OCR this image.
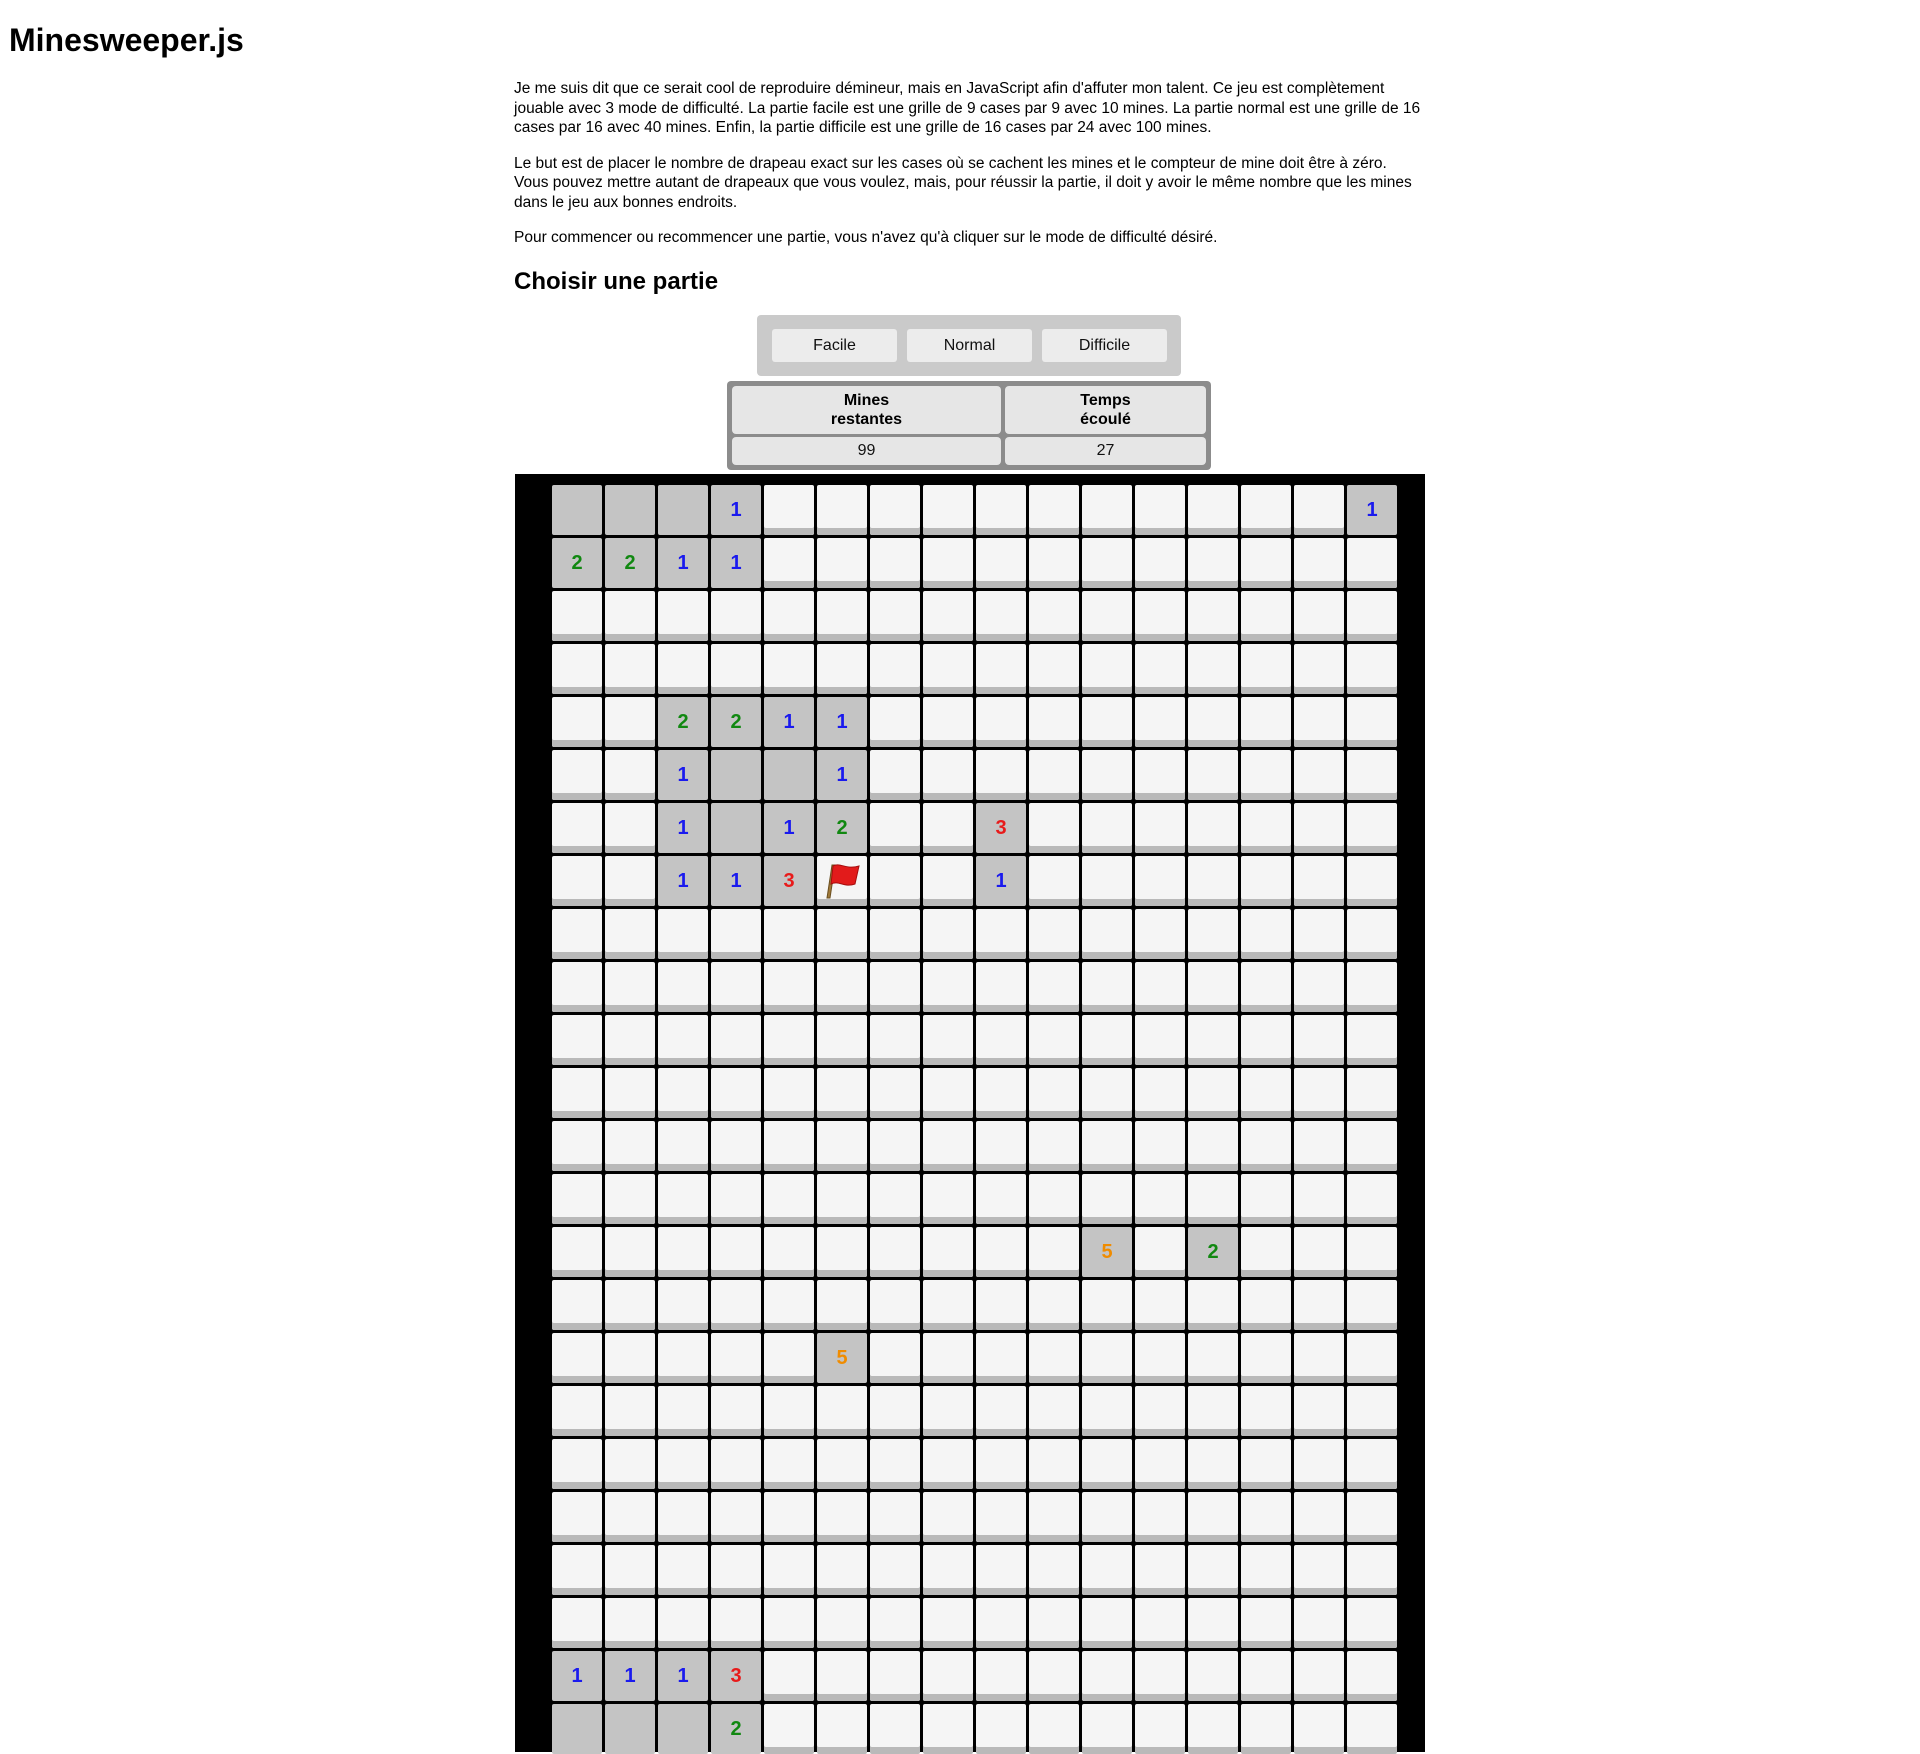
Minesweeper.js

Je me suis dit que ce serait cool de reproduire démineur, mais en JavaScript afin d'affuter mon talent. Ce jeu est complètement jouable avec 3 mode de difficulté. La partie facile est une grille de 9 cases par 9 avec 10 mines. La partie normal est une grille de 16 cases par 16 avec 40 mines. Enfin, la partie difficile est une grille de 16 cases par 24 avec 100 mines.

Le but est de placer le nombre de drapeau exact sur les cases où se cachent les mines et le compteur de mine doit être à zéro. Vous pouvez mettre autant de drapeaux que vous voulez, mais, pour réussir la partie, il doit y avoir le même nombre que les mines dans le jeu aux bonnes endroits.

Pour commencer ou recommencer une partie, vous n'avez qu'à cliquer sur le mode de difficulté désiré.

Choisir une partie
Facile	Normal	Difficile
Mines
restantes
Temps
écoulé
99	27
1	1
2	2	1	1
2	2	1	1
1	1
1	1	2	3
1	1	3	1
5	2
5
1	1	1	3
2
